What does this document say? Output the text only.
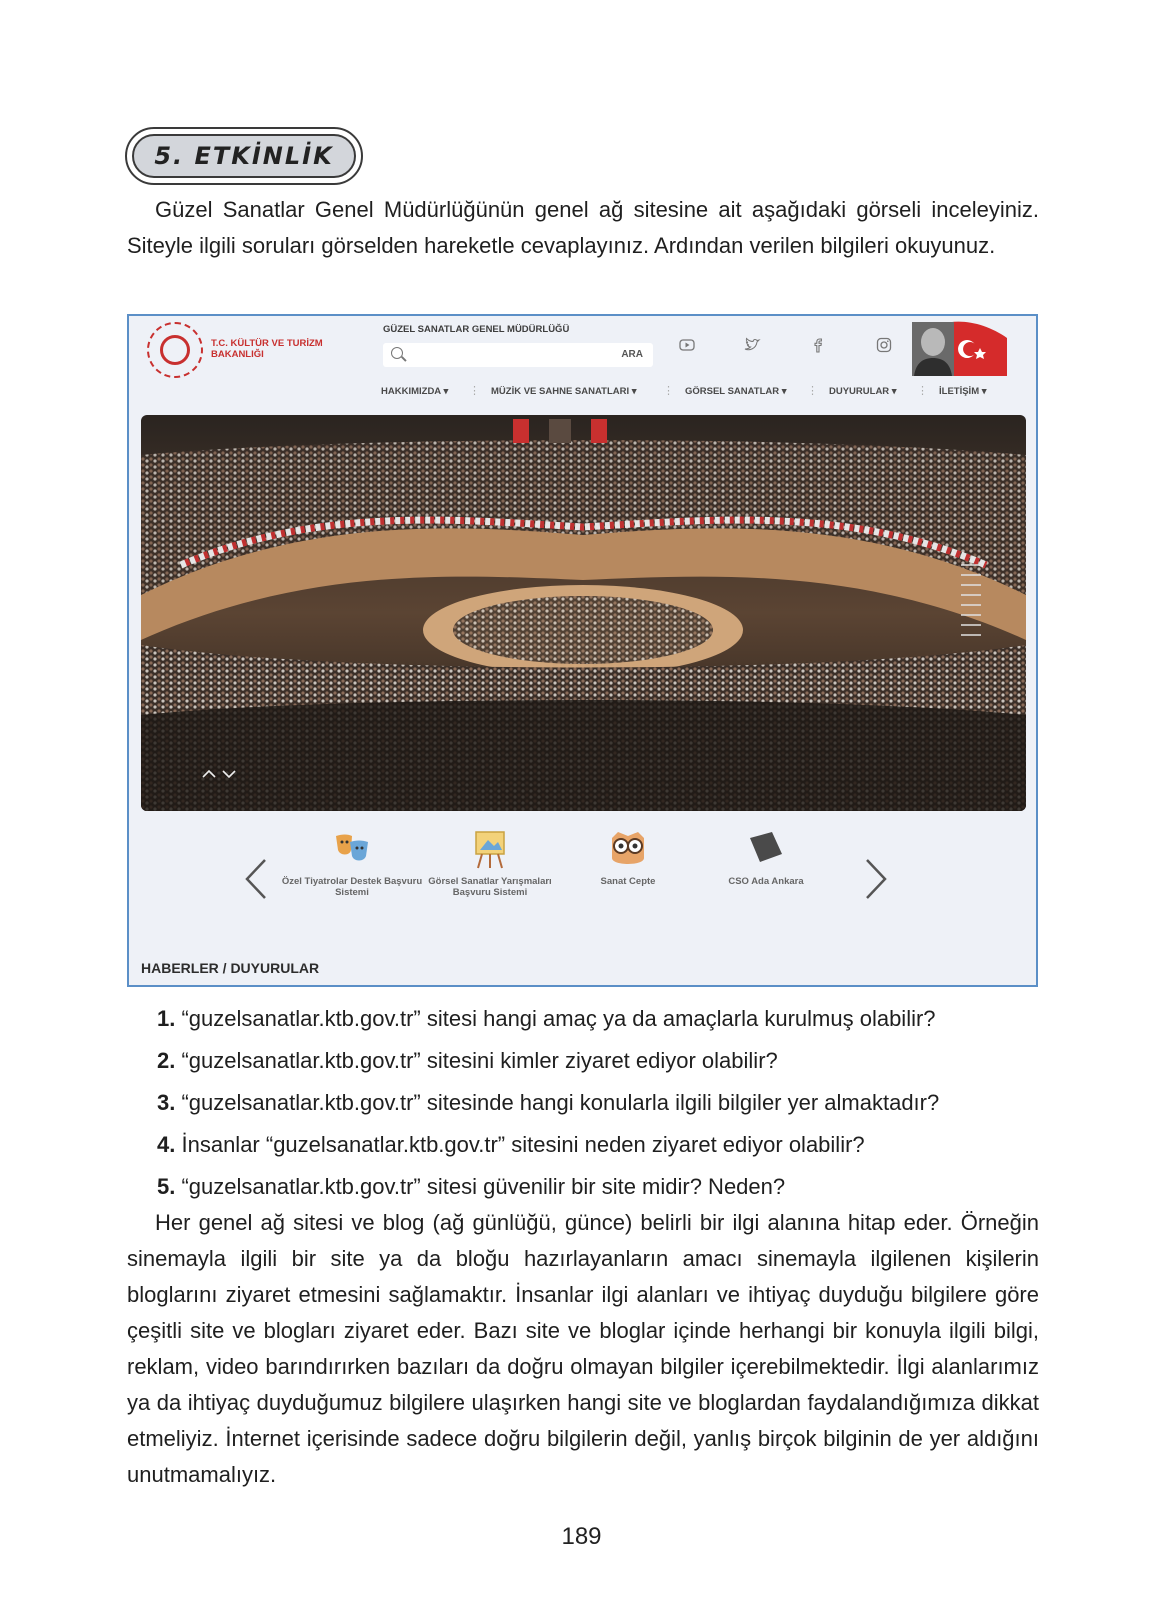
5. ETKİNLİK

Güzel Sanatlar Genel Müdürlüğünün genel ağ sitesine ait aşağıdaki görseli inceleyiniz. Siteyle ilgili soruları görselden hareketle cevaplayınız. Ardından verilen bilgileri okuyunuz.

T.C. KÜLTÜR VE TURİZM
BAKANLIĞI
GÜZEL SANATLAR GENEL MÜDÜRLÜĞÜ
ARA
HAKKIMIZDA ▾ ⋮ MÜZİK VE SAHNE SANATLARI ▾ ⋮ GÖRSEL SANATLAR ▾ ⋮ DUYURULAR ▾ ⋮ İLETİŞİM ▾
Özel Tiyatrolar Destek Başvuru Sistemi
Görsel Sanatlar Yarışmaları Başvuru Sistemi
Sanat Cepte	CSO Ada Ankara
HABERLER / DUYURULAR
1. “guzelsanatlar.ktb.gov.tr” sitesi hangi amaç ya da amaçlarla kurulmuş olabilir?
2. “guzelsanatlar.ktb.gov.tr” sitesini kimler ziyaret ediyor olabilir?
3. “guzelsanatlar.ktb.gov.tr” sitesinde hangi konularla ilgili bilgiler yer almaktadır?
4. İnsanlar “guzelsanatlar.ktb.gov.tr” sitesini neden ziyaret ediyor olabilir?
5. “guzelsanatlar.ktb.gov.tr” sitesi güvenilir bir site midir? Neden?

Her genel ağ sitesi ve blog (ağ günlüğü, günce) belirli bir ilgi alanına hitap eder. Örneğin sinemayla ilgili bir site ya da bloğu hazırlayanların amacı sinemayla ilgilenen kişilerin bloglarını ziyaret etmesini sağlamaktır. İnsanlar ilgi alanları ve ihtiyaç duyduğu bilgilere göre çeşitli site ve blogları ziyaret eder. Bazı site ve bloglar içinde herhangi bir konuyla ilgili bilgi, reklam, video barındırırken bazıları da doğru olmayan bilgiler içerebilmektedir. İlgi alanlarımız ya da ihtiyaç duyduğumuz bilgilere ulaşırken hangi site ve bloglardan faydalandığımıza dikkat etmeliyiz. İnternet içerisinde sadece doğru bilgilerin değil, yanlış birçok bilginin de yer aldığını unutmamalıyız.

189
